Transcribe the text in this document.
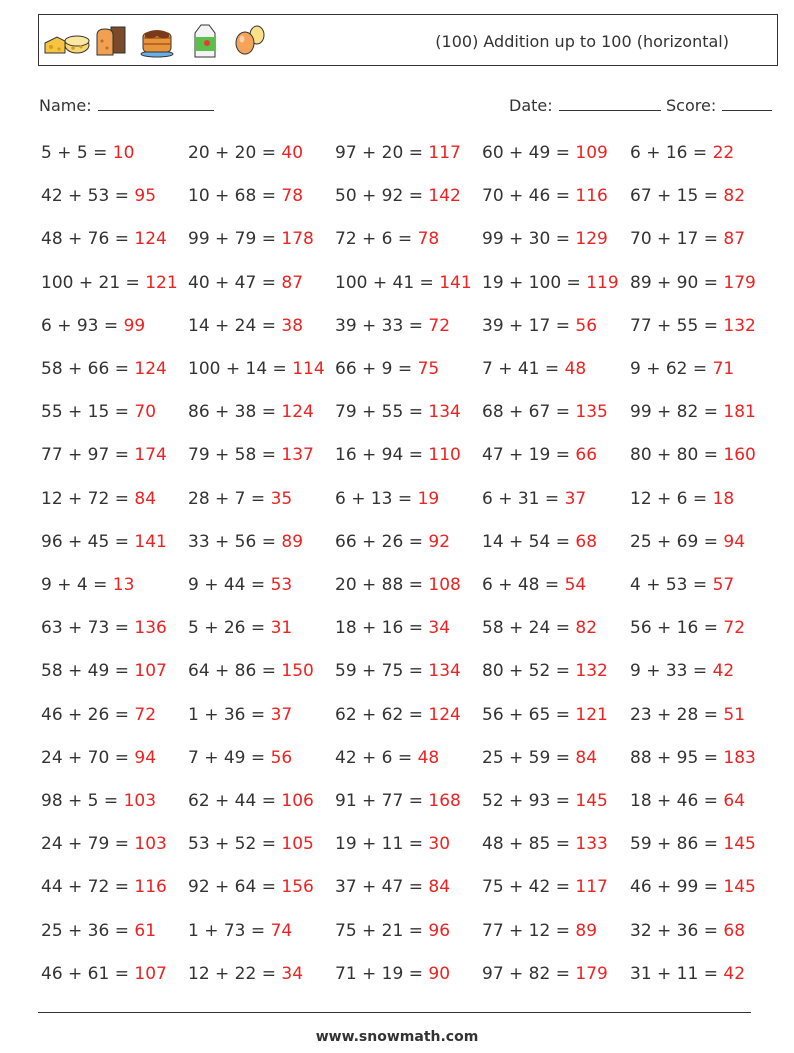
(100) Addition up to 100 (horizontal)
Name:	Date:	Score:
5 + 5 = 10	20 + 20 = 40 97 + 20 = 117 60 + 49 = 109 6 + 16 = 22
42 + 53 = 95 10 + 68 = 78 50 + 92 = 142 70 + 46 = 116 67 + 15 = 82
48 + 76 = 124 99 + 79 = 178 72 + 6 = 78	99 + 30 = 129 70 + 17 = 87
100 + 21 = 121 40 + 47 = 87 100 + 41 = 141 19 + 100 = 119 89 + 90 = 179
6 + 93 = 99	14 + 24 = 38 39 + 33 = 72 39 + 17 = 56 77 + 55 = 132
58 + 66 = 124 100 + 14 = 114 66 + 9 = 75	7 + 41 = 48	9 + 62 = 71
55 + 15 = 70 86 + 38 = 124 79 + 55 = 134 68 + 67 = 135 99 + 82 = 181
77 + 97 = 174 79 + 58 = 137 16 + 94 = 110 47 + 19 = 66 80 + 80 = 160
12 + 72 = 84 28 + 7 = 35	6 + 13 = 19	6 + 31 = 37	12 + 6 = 18
96 + 45 = 141 33 + 56 = 89 66 + 26 = 92 14 + 54 = 68 25 + 69 = 94
9 + 4 = 13	9 + 44 = 53	20 + 88 = 108 6 + 48 = 54	4 + 53 = 57
63 + 73 = 136 5 + 26 = 31	18 + 16 = 34 58 + 24 = 82 56 + 16 = 72
58 + 49 = 107 64 + 86 = 150 59 + 75 = 134 80 + 52 = 132 9 + 33 = 42
46 + 26 = 72 1 + 36 = 37	62 + 62 = 124 56 + 65 = 121 23 + 28 = 51
24 + 70 = 94 7 + 49 = 56	42 + 6 = 48	25 + 59 = 84 88 + 95 = 183
98 + 5 = 103 62 + 44 = 106 91 + 77 = 168 52 + 93 = 145 18 + 46 = 64
24 + 79 = 103 53 + 52 = 105 19 + 11 = 30 48 + 85 = 133 59 + 86 = 145
44 + 72 = 116 92 + 64 = 156 37 + 47 = 84 75 + 42 = 117 46 + 99 = 145
25 + 36 = 61 1 + 73 = 74	75 + 21 = 96 77 + 12 = 89 32 + 36 = 68
46 + 61 = 107 12 + 22 = 34 71 + 19 = 90 97 + 82 = 179 31 + 11 = 42
www.snowmath.com
